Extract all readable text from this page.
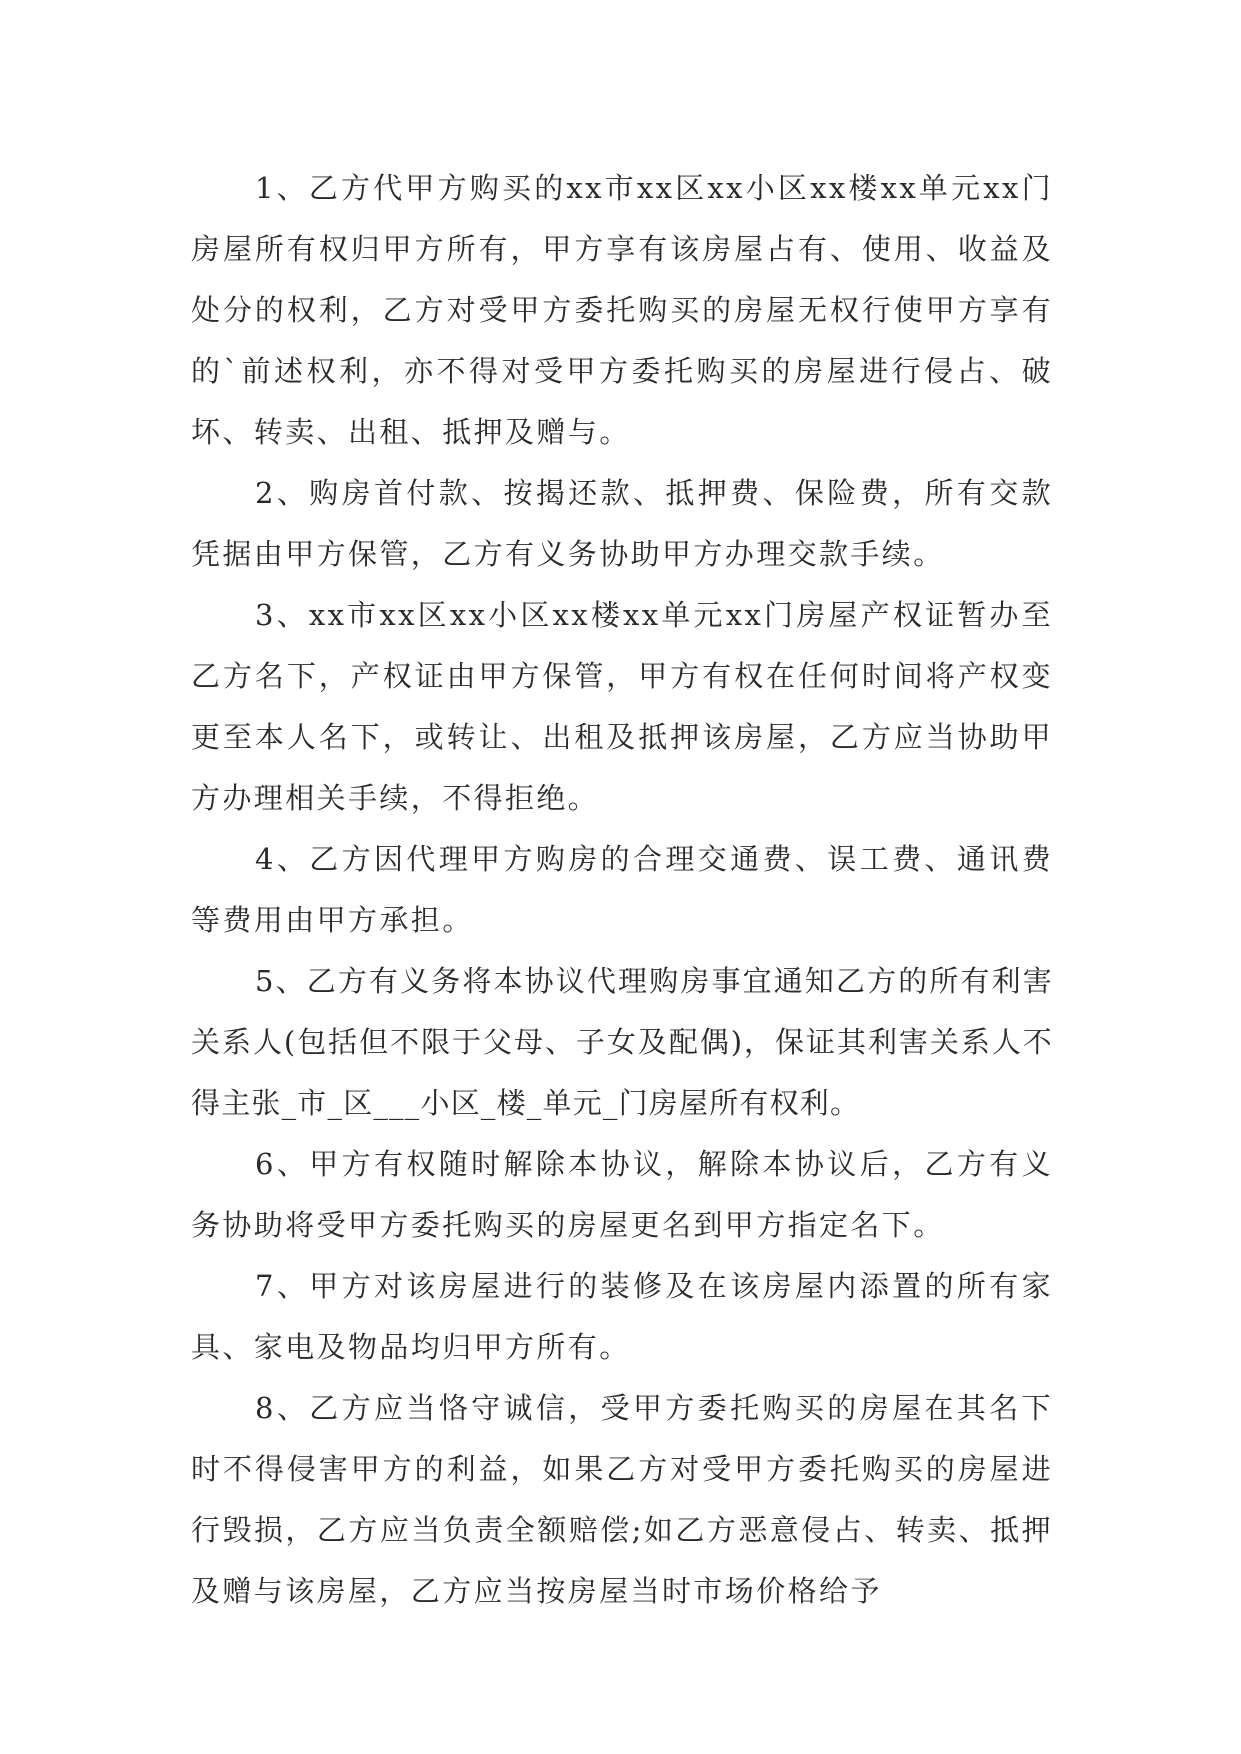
1、乙方代甲方购买的xx市xx区xx小区xx楼xx单元xx门房屋所有权归甲方所有，甲方享有该房屋占有、使用、收益及处分的权利，乙方对受甲方委托购买的房屋无权行使甲方享有的`前述权利，亦不得对受甲方委托购买的房屋进行侵占、破坏、转卖、出租、抵押及赠与。

2、购房首付款、按揭还款、抵押费、保险费，所有交款凭据由甲方保管，乙方有义务协助甲方办理交款手续。

3、xx市xx区xx小区xx楼xx单元xx门房屋产权证暂办至乙方名下，产权证由甲方保管，甲方有权在任何时间将产权变更至本人名下，或转让、出租及抵押该房屋，乙方应当协助甲方办理相关手续，不得拒绝。

4、乙方因代理甲方购房的合理交通费、误工费、通讯费等费用由甲方承担。

5、乙方有义务将本协议代理购房事宜通知乙方的所有利害关系人(包括但不限于父母、子女及配偶)，保证其利害关系人不得主张_市_区___小区_楼_单元_门房屋所有权利。

6、甲方有权随时解除本协议，解除本协议后，乙方有义务协助将受甲方委托购买的房屋更名到甲方指定名下。

7、甲方对该房屋进行的装修及在该房屋内添置的所有家具、家电及物品均归甲方所有。

8、乙方应当恪守诚信，受甲方委托购买的房屋在其名下时不得侵害甲方的利益，如果乙方对受甲方委托购买的房屋进行毁损，乙方应当负责全额赔偿;如乙方恶意侵占、转卖、抵押及赠与该房屋，乙方应当按房屋当时市场价格给予
